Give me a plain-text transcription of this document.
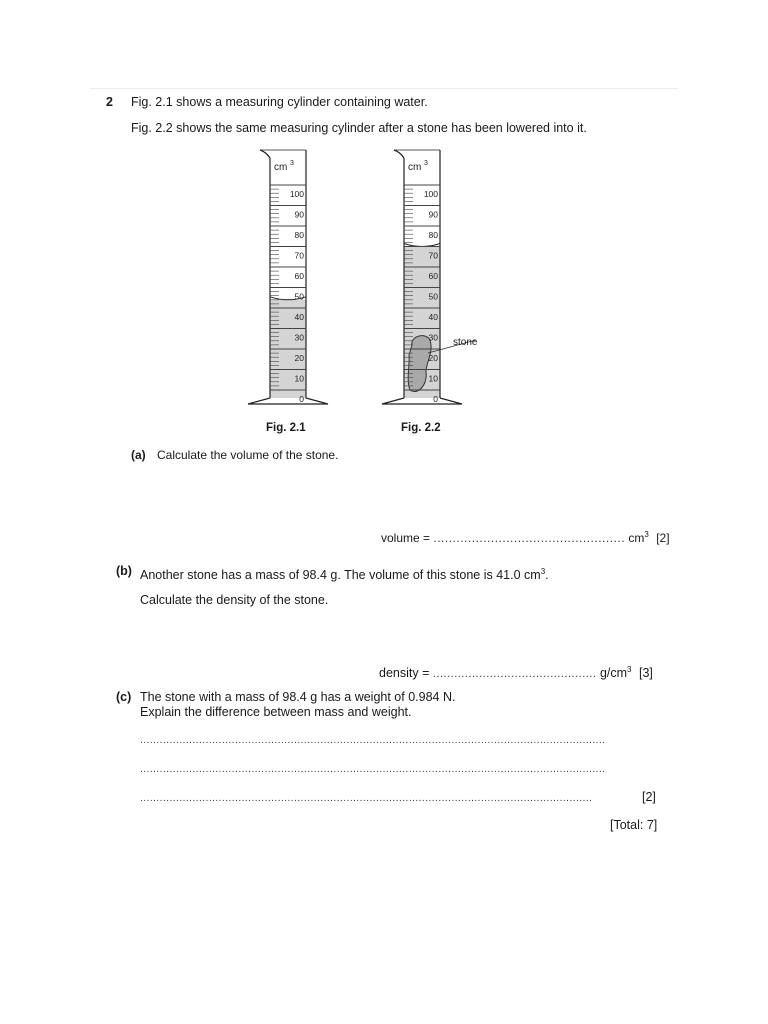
2 Fig. 2.1 shows a measuring cylinder containing water.
Fig. 2.2 shows the same measuring cylinder after a stone has been lowered into it.
100
90
80
70
60
50
40
30
20
10
0
cm 3
100
90
80
70
60
50
40
30
20
10
0
cm 3
stone
Fig. 2.1	Fig. 2.2
(a) Calculate the volume of the stone.
volume = .................................................. $cm^3$ [2]
(b) Another stone has a mass of 98.4 g. The volume of this stone is 41.0 $cm^3$.
Calculate the density of the stone.
density = .............................................. $g/cm^3$ [3]
(c) The stone with a mass of 98.4 g has a weight of 0.984 N.
Explain the difference between mass and weight.
..............................................................................................................................................
..............................................................................................................................................
..........................................................................................................................................	[2]
[Total: 7]
